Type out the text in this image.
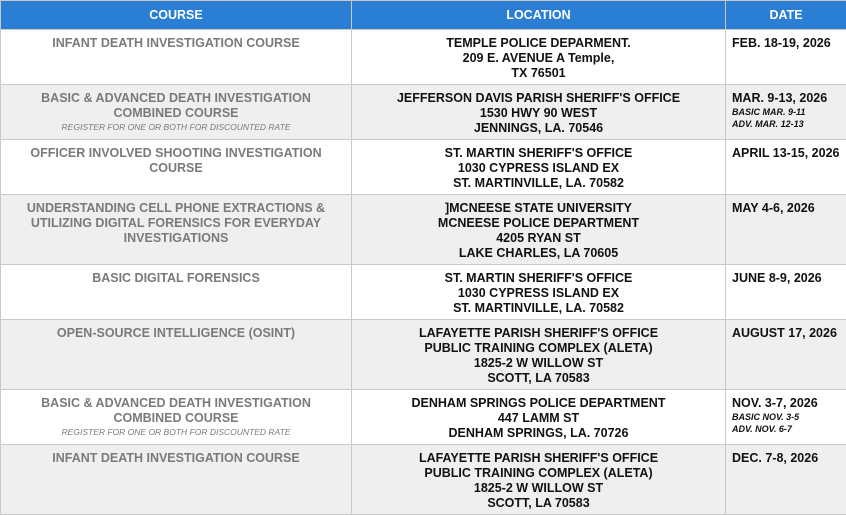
COURSE	LOCATION	DATE
INFANT DEATH INVESTIGATION COURSE	TEMPLE POLICE DEPARMENT.
209 E. AVENUE A Temple,
TX 76501	FEB. 18-19, 2026
BASIC & ADVANCED DEATH INVESTIGATION COMBINED COURSE
REGISTER FOR ONE OR BOTH FOR DISCOUNTED RATE	JEFFERSON DAVIS PARISH SHERIFF'S OFFICE
1530 HWY 90 WEST
JENNINGS, LA. 70546	MAR. 9-13, 2026
BASIC MAR. 9-11
ADV. MAR. 12-13

OFFICER INVOLVED SHOOTING INVESTIGATION COURSE	ST. MARTIN SHERIFF'S OFFICE
1030 CYPRESS ISLAND EX
ST. MARTINVILLE, LA. 70582	APRIL 13-15, 2026
UNDERSTANDING CELL PHONE EXTRACTIONS & UTILIZING DIGITAL FORENSICS FOR EVERYDAY INVESTIGATIONS	]MCNEESE STATE UNIVERSITY
MCNEESE POLICE DEPARTMENT
4205 RYAN ST
LAKE CHARLES, LA 70605	MAY 4-6, 2026
BASIC DIGITAL FORENSICS	ST. MARTIN SHERIFF'S OFFICE
1030 CYPRESS ISLAND EX
ST. MARTINVILLE, LA. 70582	JUNE 8-9, 2026
OPEN-SOURCE INTELLIGENCE (OSINT)	LAFAYETTE PARISH SHERIFF'S OFFICE
PUBLIC TRAINING COMPLEX (ALETA)
1825-2 W WILLOW ST
SCOTT, LA 70583	AUGUST 17, 2026
BASIC & ADVANCED DEATH INVESTIGATION COMBINED COURSE
REGISTER FOR ONE OR BOTH FOR DISCOUNTED RATE	DENHAM SPRINGS POLICE DEPARTMENT
447 LAMM ST
DENHAM SPRINGS, LA. 70726	NOV. 3-7, 2026
BASIC NOV. 3-5
ADV. NOV. 6-7

INFANT DEATH INVESTIGATION COURSE	LAFAYETTE PARISH SHERIFF'S OFFICE
PUBLIC TRAINING COMPLEX (ALETA)
1825-2 W WILLOW ST
SCOTT, LA 70583	DEC. 7-8, 2026
